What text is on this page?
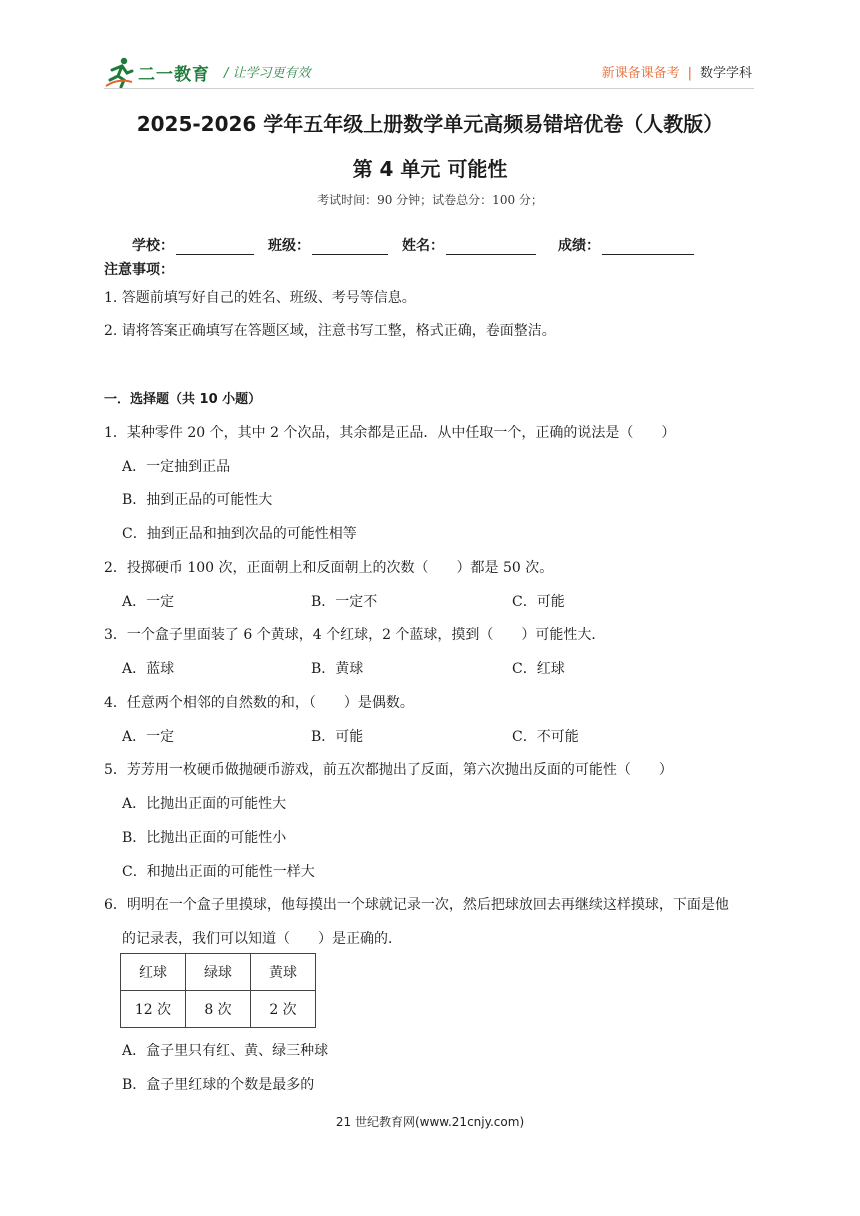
二一教育 / 让学习更有效	新课备课备考 | 数学学科
2025-2026 学年五年级上册数学单元高频易错培优卷（人教版）
第 4 单元 可能性
考试时间：90 分钟；试卷总分：100 分；
学校：	班级：	姓名：	成绩：
注意事项：
1. 答题前填写好自己的姓名、班级、考号等信息。
2. 请将答案正确填写在答题区域，注意书写工整，格式正确，卷面整洁。
一．选择题（共 10 小题）
1．某种零件 20 个，其中 2 个次品，其余都是正品．从中任取一个，正确的说法是（　　）
A．一定抽到正品
B．抽到正品的可能性大
C．抽到正品和抽到次品的可能性相等
2．投掷硬币 100 次，正面朝上和反面朝上的次数（　　）都是 50 次。
A．一定	B．一定不	C．可能
3．一个盒子里面装了 6 个黄球，4 个红球，2 个蓝球，摸到（　　）可能性大．
A．蓝球	B．黄球	C．红球
4．任意两个相邻的自然数的和，（　　）是偶数。
A．一定	B．可能	C．不可能
5．芳芳用一枚硬币做抛硬币游戏，前五次都抛出了反面，第六次抛出反面的可能性（　　）
A．比抛出正面的可能性大
B．比抛出正面的可能性小
C．和抛出正面的可能性一样大
6．明明在一个盒子里摸球，他每摸出一个球就记录一次，然后把球放回去再继续这样摸球，下面是他
的记录表，我们可以知道（　　）是正确的．
红球	绿球	黄球
12 次	8 次	2 次
A．盒子里只有红、黄、绿三种球
B．盒子里红球的个数是最多的
21 世纪教育网(www.21cnjy.com)
